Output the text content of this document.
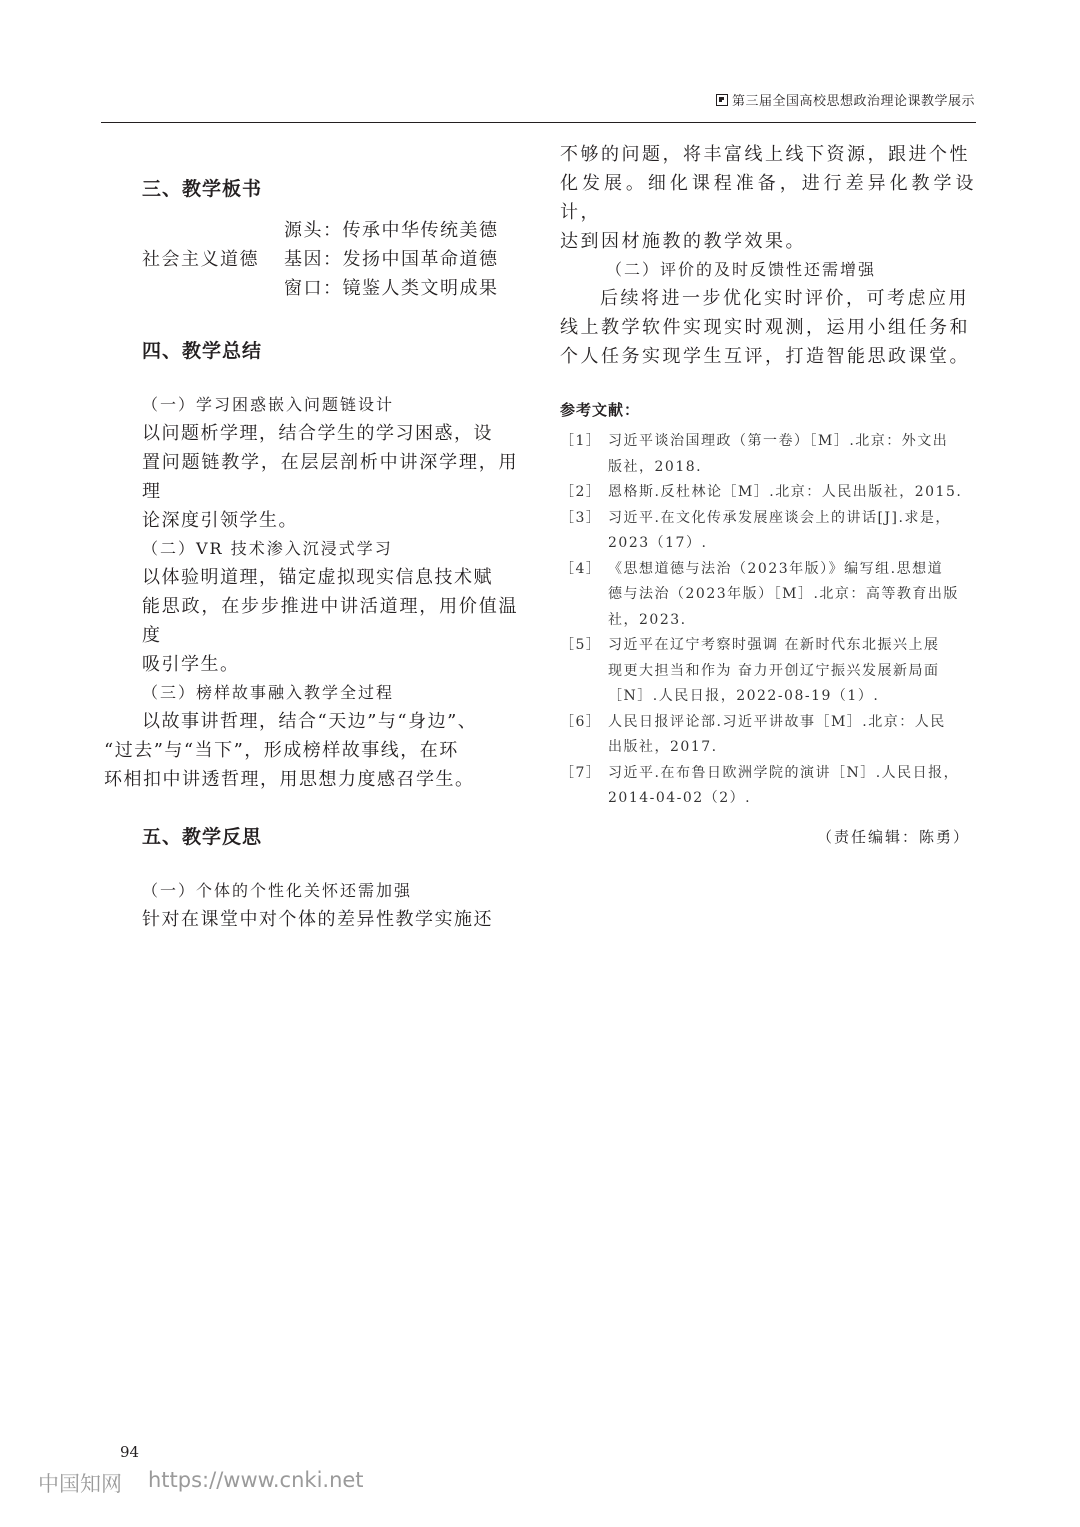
第三届全国高校思想政治理论课教学展示
三、教学板书
社会主义道德
源头：传承中华传统美德
基因：发扬中国革命道德
窗口：镜鉴人类文明成果
四、教学总结
（一）学习困惑嵌入问题链设计
以问题析学理，结合学生的学习困惑，设
置问题链教学，在层层剖析中讲深学理，用理
论深度引领学生。
（二）VR 技术渗入沉浸式学习
以体验明道理，锚定虚拟现实信息技术赋
能思政，在步步推进中讲活道理，用价值温度
吸引学生。
（三）榜样故事融入教学全过程
以故事讲哲理，结合“天边”与“身边”、
“过去”与“当下”，形成榜样故事线，在环
环相扣中讲透哲理，用思想力度感召学生。
五、教学反思
（一）个体的个性化关怀还需加强
针对在课堂中对个体的差异性教学实施还
不够的问题，将丰富线上线下资源，跟进个性
化发展。细化课程准备，进行差异化教学设计，
达到因材施教的教学效果。
（二）评价的及时反馈性还需增强
后续将进一步优化实时评价，可考虑应用
线上教学软件实现实时观测，运用小组任务和
个人任务实现学生互评，打造智能思政课堂。
参考文献：
［1］ 习近平谈治国理政（第一卷）［M］.北京：外文出
版社，2018.
［2］ 恩格斯.反杜林论［M］.北京：人民出版社，2015.
［3］ 习近平.在文化传承发展座谈会上的讲话[J].求是，
2023（17）.
［4］ 《思想道德与法治（2023年版）》编写组.思想道
德与法治（2023年版）［M］.北京：高等教育出版
社，2023.
［5］ 习近平在辽宁考察时强调 在新时代东北振兴上展
现更大担当和作为 奋力开创辽宁振兴发展新局面
［N］.人民日报，2022-08-19（1）.
［6］ 人民日报评论部.习近平讲故事［M］.北京：人民
出版社，2017.
［7］ 习近平.在布鲁日欧洲学院的演讲［N］.人民日报，
2014-04-02（2）.
（责任编辑：陈勇）
94
中国知网 https://www.cnki.net
